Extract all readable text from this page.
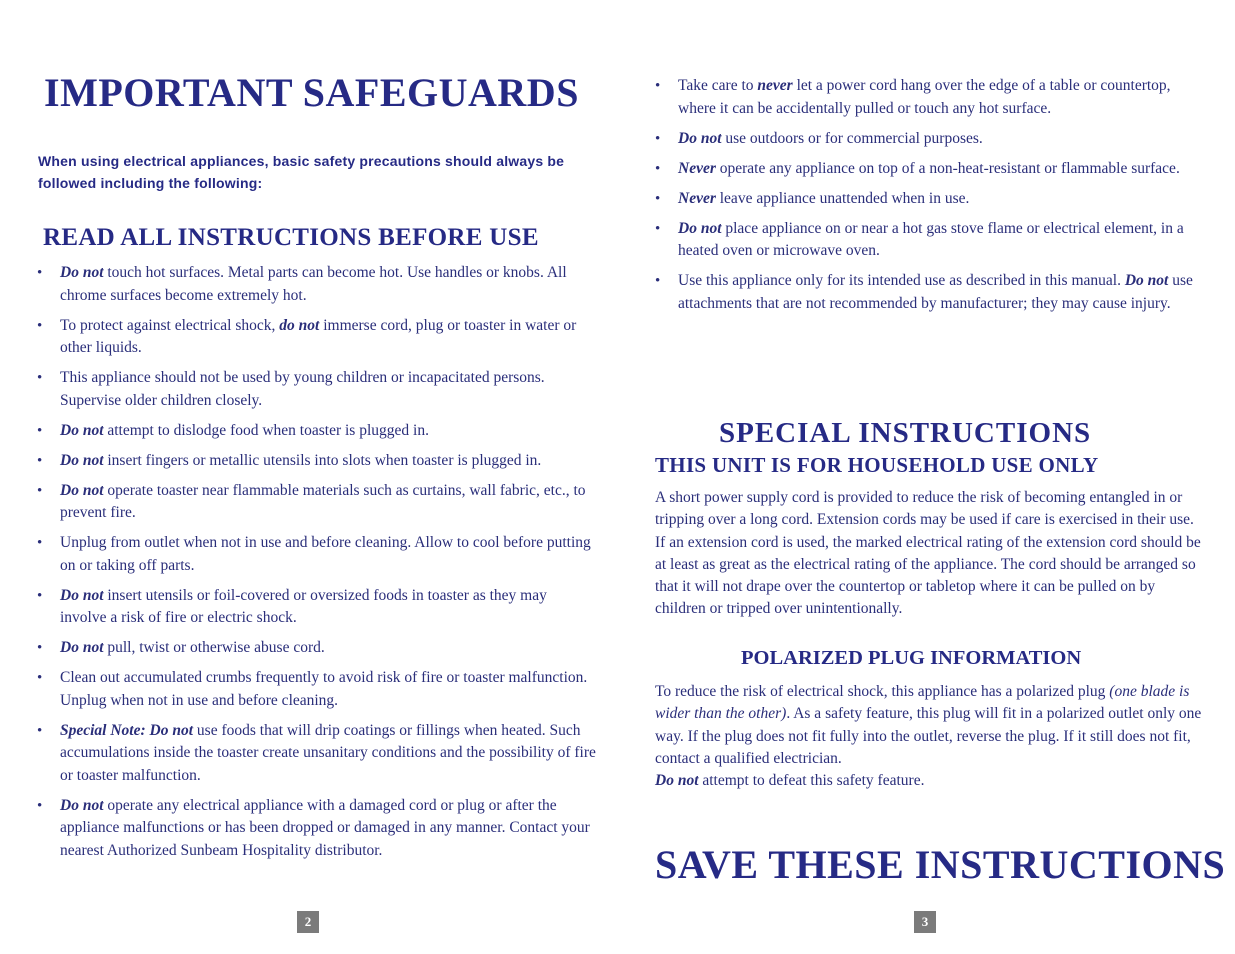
IMPORTANT SAFEGUARDS
When using electrical appliances, basic safety precautions should always be followed including the following:
READ ALL INSTRUCTIONS BEFORE USE
• Do not touch hot surfaces. Metal parts can become hot. Use handles or knobs. All chrome surfaces become extremely hot.
• To protect against electrical shock, do not immerse cord, plug or toaster in water or other liquids.
• This appliance should not be used by young children or incapacitated persons. Supervise older children closely.
• Do not attempt to dislodge food when toaster is plugged in.
• Do not insert fingers or metallic utensils into slots when toaster is plugged in.
• Do not operate toaster near flammable materials such as curtains, wall fabric, etc., to prevent fire.
• Unplug from outlet when not in use and before cleaning. Allow to cool before putting on or taking off parts.
• Do not insert utensils or foil-covered or oversized foods in toaster as they may involve a risk of fire or electric shock.
• Do not pull, twist or otherwise abuse cord.
• Clean out accumulated crumbs frequently to avoid risk of fire or toaster malfunction. Unplug when not in use and before cleaning.
• Special Note: Do not use foods that will drip coatings or fillings when heated. Such accumulations inside the toaster create unsanitary conditions and the possibility of fire or toaster malfunction.
• Do not operate any electrical appliance with a damaged cord or plug or after the appliance malfunctions or has been dropped or damaged in any manner. Contact your nearest Authorized Sunbeam Hospitality distributor.
2
• Take care to never let a power cord hang over the edge of a table or countertop, where it can be accidentally pulled or touch any hot surface.
• Do not use outdoors or for commercial purposes.
• Never operate any appliance on top of a non-heat-resistant or flammable surface.
• Never leave appliance unattended when in use.
• Do not place appliance on or near a hot gas stove flame or electrical element, in a heated oven or microwave oven.
• Use this appliance only for its intended use as described in this manual. Do not use attachments that are not recommended by manufacturer; they may cause injury.
SPECIAL INSTRUCTIONS
THIS UNIT IS FOR HOUSEHOLD USE ONLY

A short power supply cord is provided to reduce the risk of becoming entangled in or tripping over a long cord. Extension cords may be used if care is exercised in their use. If an extension cord is used, the marked electrical rating of the extension cord should be at least as great as the electrical rating of the appliance. The cord should be arranged so that it will not drape over the countertop or tabletop where it can be pulled on by children or tripped over unintentionally.

POLARIZED PLUG INFORMATION

To reduce the risk of electrical shock, this appliance has a polarized plug (one blade is wider than the other). As a safety feature, this plug will fit in a polarized outlet only one way. If the plug does not fit fully into the outlet, reverse the plug. If it still does not fit, contact a qualified electrician.
Do not attempt to defeat this safety feature.

SAVE THESE INSTRUCTIONS
3
